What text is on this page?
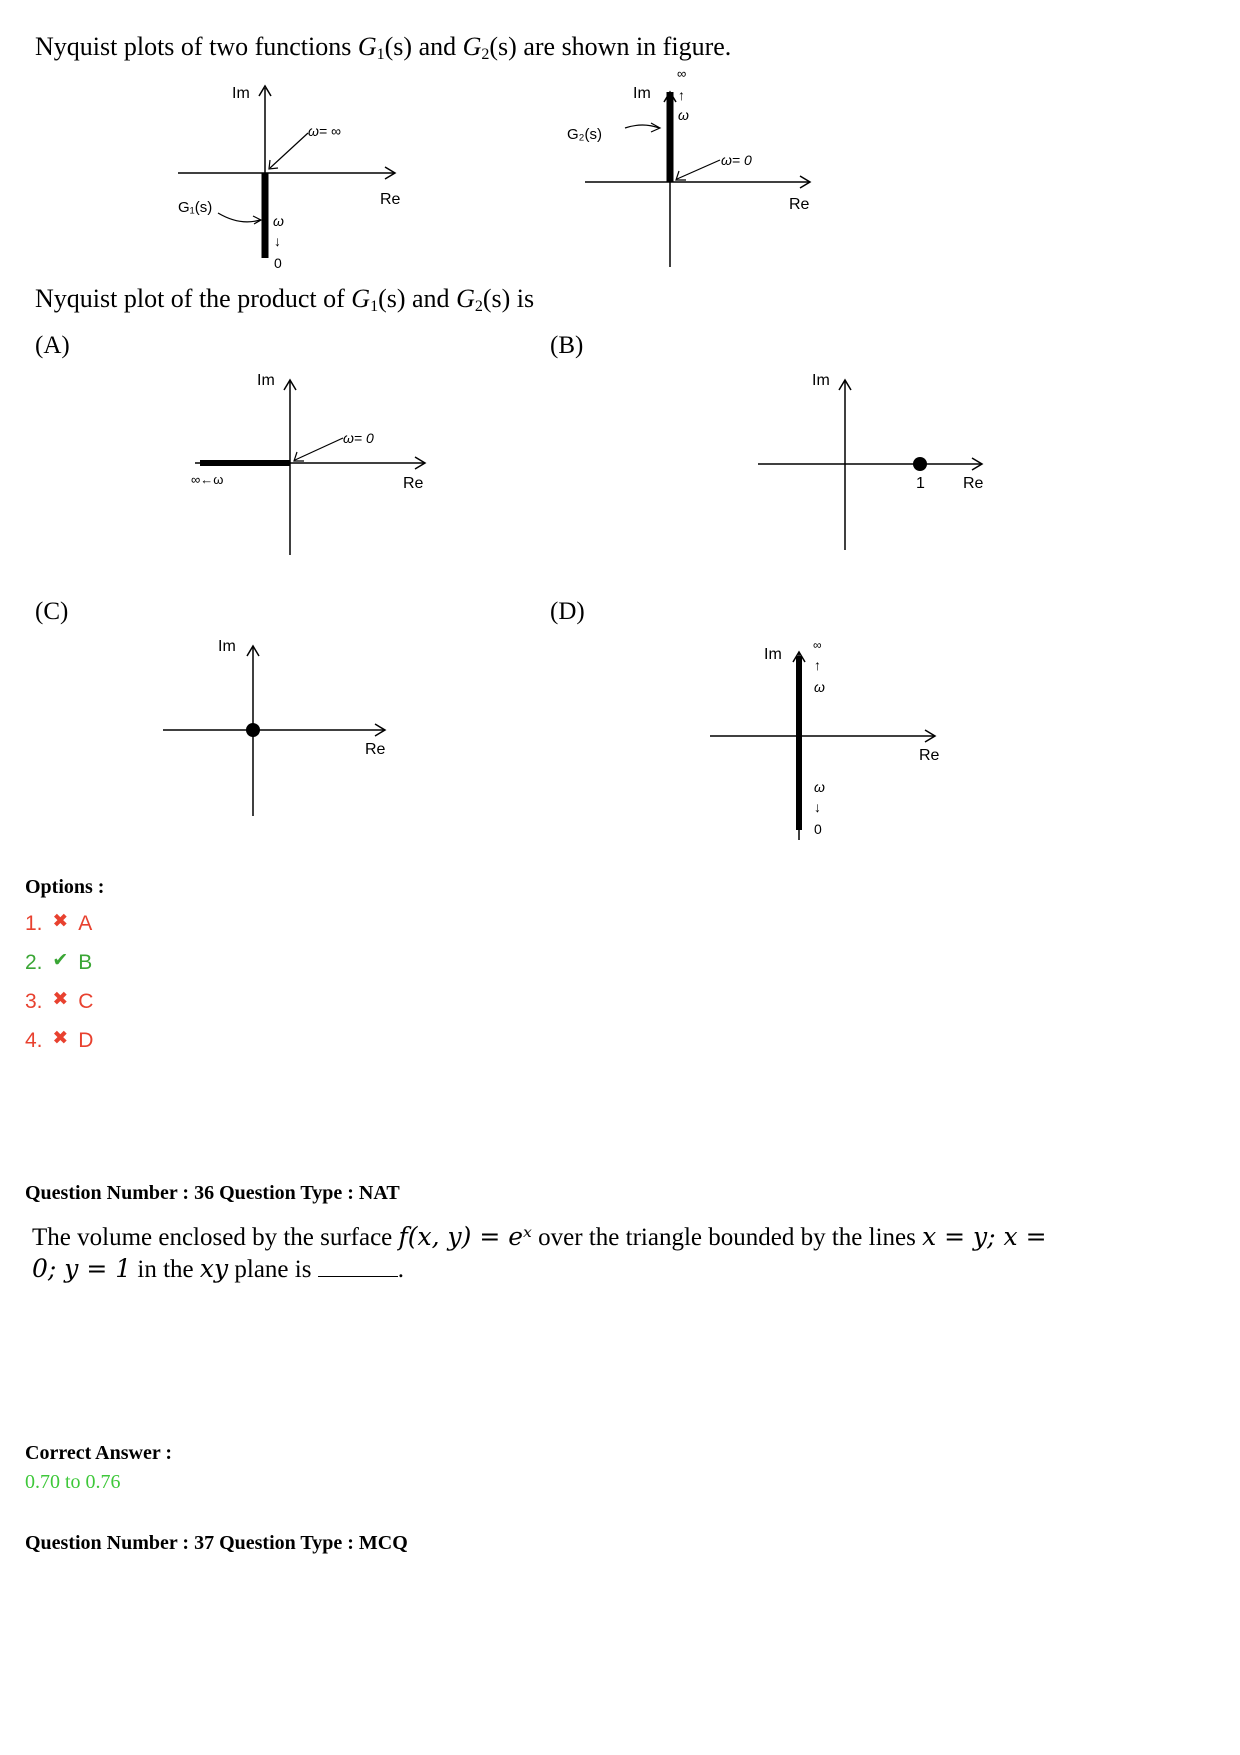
Nyquist plots of two functions $G_1(s)$ and $G_2(s)$ are shown in figure.
Im
Re
ω= ∞
G₁(s)
ω
↓
0
Im
Re
ω= 0
G₂(s)
∞
↑
ω
Nyquist plot of the product of $G_1(s)$ and $G_2(s)$ is
(A)	(B)
(C)	(D)
Im
Re
ω= 0
∞←ω
Im
Re
1
Im
Re
Im
Re
∞
↑
ω
ω
↓
0
Options :
1. ✖ A
2. ✔ B
3. ✖ C
4. ✖ D
Question Number : 36 Question Type : NAT
The volume enclosed by the surface f(x, y) = eˣ over the triangle bounded by the lines x = y; x =
0; y = 1 in the xy plane is	.
Correct Answer :
0.70 to 0.76
Question Number : 37 Question Type : MCQ
